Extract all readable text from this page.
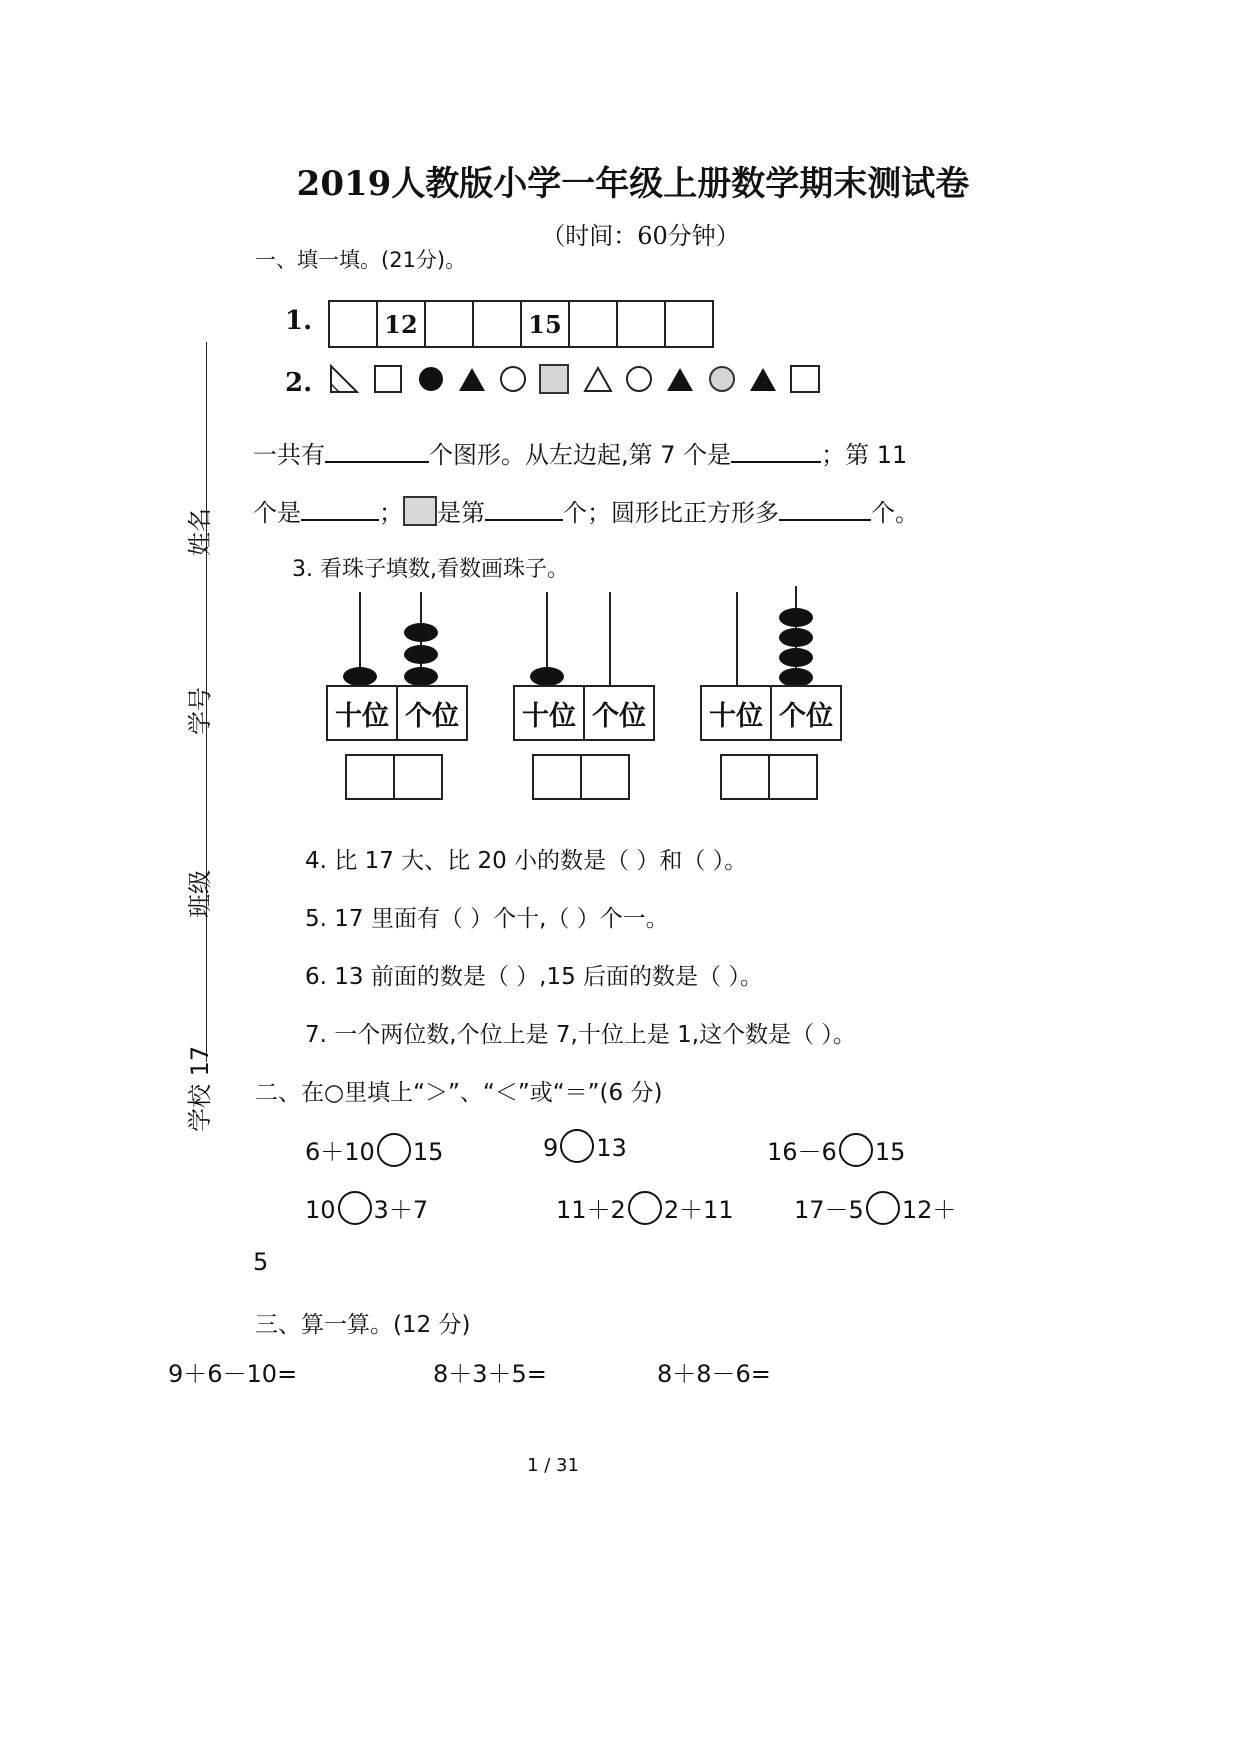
2019人教版小学一年级上册数学期末测试卷
（时间：60分钟）
姓名
学号
班级
学校 17
一、填一填。(21分)。
1.	12	15
2.
一共有	个图形。从左边起,第 7 个是	；第 11
个是	； 是第	个；圆形比正方形多	个。
3. 看珠子填数,看数画珠子。
十位 个位	十位 个位	十位 个位
4. 比 17 大、比 20 小的数是（ ）和（ ）。
5. 17 里面有（ ）个十,（ ）个一。
6. 13 前面的数是（ ）,15 后面的数是（ ）。
7. 一个两位数,个位上是 7,十位上是 1,这个数是（ ）。
二、在○里填上“＞”、“＜”或“＝”(6 分)
6＋10 15	9 13	16－6 15
10 3＋7	11＋2 2＋11	17－5 12＋
5
三、算一算。(12 分)
9＋6－10=	8＋3＋5=	8＋8－6=
1 / 31
